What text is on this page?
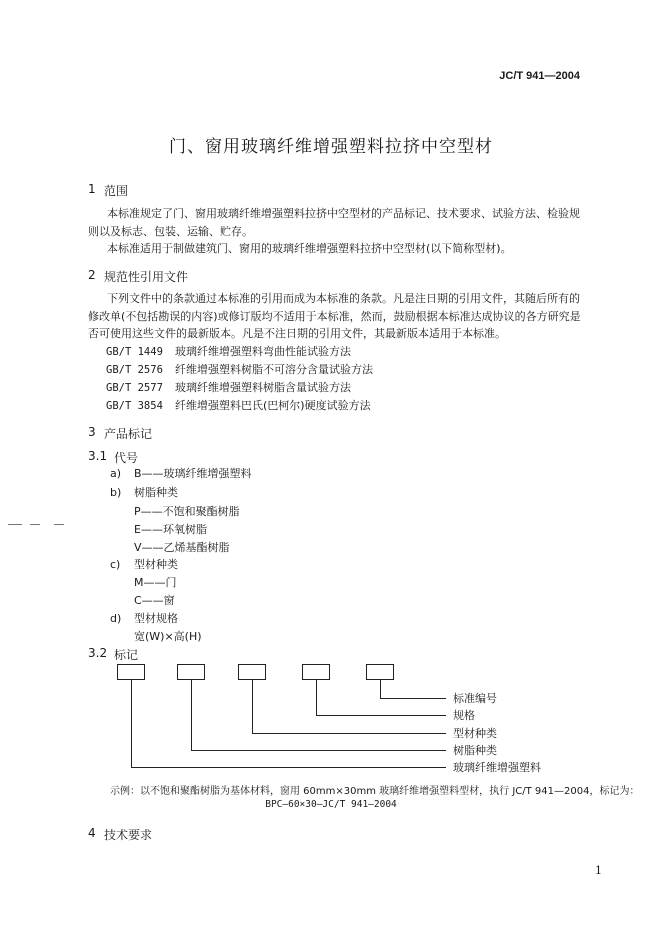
JC/T 941—2004
门、窗用玻璃纤维增强塑料拉挤中空型材
1 范围
本标准规定了门、窗用玻璃纤维增强塑料拉挤中空型材的产品标记、技术要求、试验方法、检验规
则以及标志、包装、运输、贮存。
本标准适用于制做建筑门、窗用的玻璃纤维增强塑料拉挤中空型材(以下简称型材)。
2 规范性引用文件
下列文件中的条款通过本标准的引用而成为本标准的条款。凡是注日期的引用文件，其随后所有的
修改单(不包括勘误的内容)或修订版均不适用于本标准，然而，鼓励根据本标准达成协议的各方研究是
否可使用这些文件的最新版本。凡是不注日期的引用文件，其最新版本适用于本标准。
GB/T 1449 玻璃纤维增强塑料弯曲性能试验方法
GB/T 2576 纤维增强塑料树脂不可溶分含量试验方法
GB/T 2577 玻璃纤维增强塑料树脂含量试验方法
GB/T 3854 纤维增强塑料巴氏(巴柯尔)硬度试验方法
3 产品标记
3.1 代号
a) B——玻璃纤维增强塑料
b) 树脂种类
P——不饱和聚酯树脂
E——环氧树脂
V——乙烯基酯树脂
c) 型材种类
M——门
C——窗
d) 型材规格
宽(W)×高(H)
3.2 标记
标准编号
规格
型材种类
树脂种类
玻璃纤维增强塑料
示例：以不饱和聚酯树脂为基体材料，窗用 60mm×30mm 玻璃纤维增强塑料型材，执行 JC/T 941—2004，标记为：
BPC—60×30—JC/T 941—2004
4 技术要求
1
